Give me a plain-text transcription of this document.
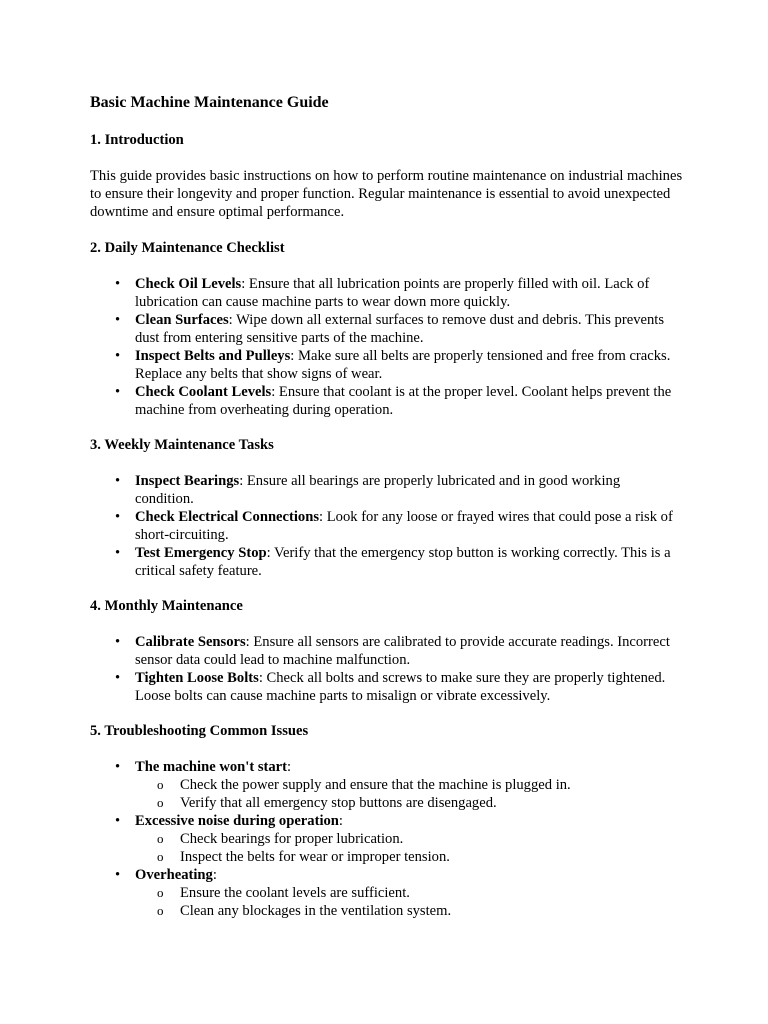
Basic Machine Maintenance Guide
1. Introduction
This guide provides basic instructions on how to perform routine maintenance on industrial machines to ensure their longevity and proper function. Regular maintenance is essential to avoid unexpected downtime and ensure optimal performance.
2. Daily Maintenance Checklist
• Check Oil Levels: Ensure that all lubrication points are properly filled with oil. Lack of lubrication can cause machine parts to wear down more quickly.
• Clean Surfaces: Wipe down all external surfaces to remove dust and debris. This prevents dust from entering sensitive parts of the machine.
• Inspect Belts and Pulleys: Make sure all belts are properly tensioned and free from cracks. Replace any belts that show signs of wear.
• Check Coolant Levels: Ensure that coolant is at the proper level. Coolant helps prevent the machine from overheating during operation.
3. Weekly Maintenance Tasks
• Inspect Bearings: Ensure all bearings are properly lubricated and in good working condition.
• Check Electrical Connections: Look for any loose or frayed wires that could pose a risk of short-circuiting.
• Test Emergency Stop: Verify that the emergency stop button is working correctly. This is a critical safety feature.
4. Monthly Maintenance
• Calibrate Sensors: Ensure all sensors are calibrated to provide accurate readings. Incorrect sensor data could lead to machine malfunction.
• Tighten Loose Bolts: Check all bolts and screws to make sure they are properly tightened. Loose bolts can cause machine parts to misalign or vibrate excessively.
5. Troubleshooting Common Issues
• The machine won't start:
o Check the power supply and ensure that the machine is plugged in.
o Verify that all emergency stop buttons are disengaged.
• Excessive noise during operation:
o Check bearings for proper lubrication.
o Inspect the belts for wear or improper tension.
• Overheating:
o Ensure the coolant levels are sufficient.
o Clean any blockages in the ventilation system.
